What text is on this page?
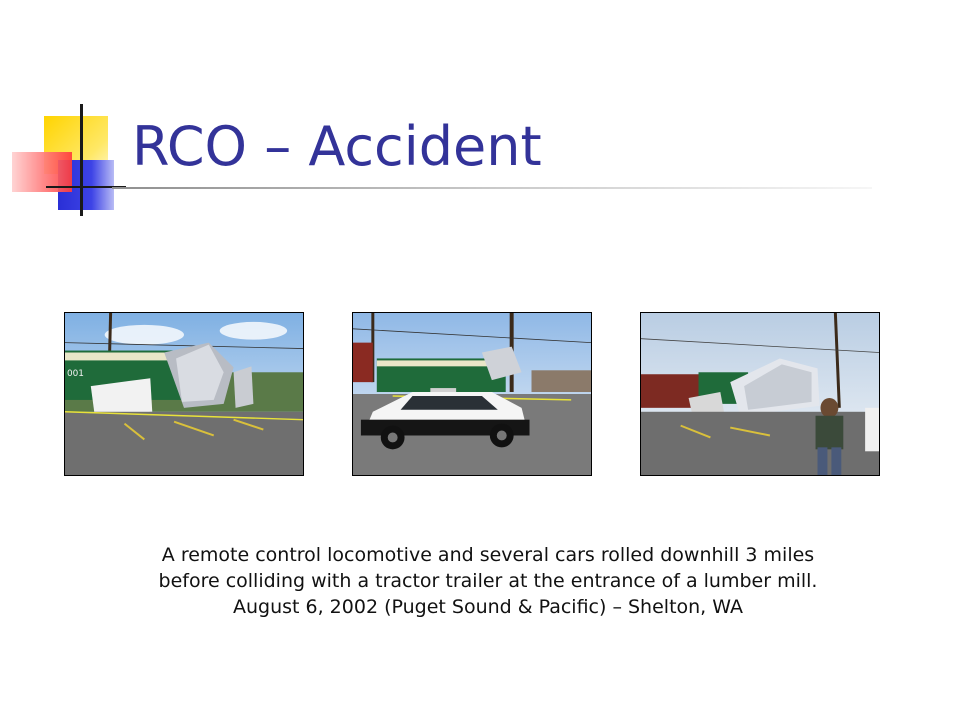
RCO – Accident
001
A remote control locomotive and several cars rolled downhill 3 miles
before colliding with a tractor trailer at the entrance of a lumber mill.
August 6, 2002 (Puget Sound & Pacific) – Shelton, WA
